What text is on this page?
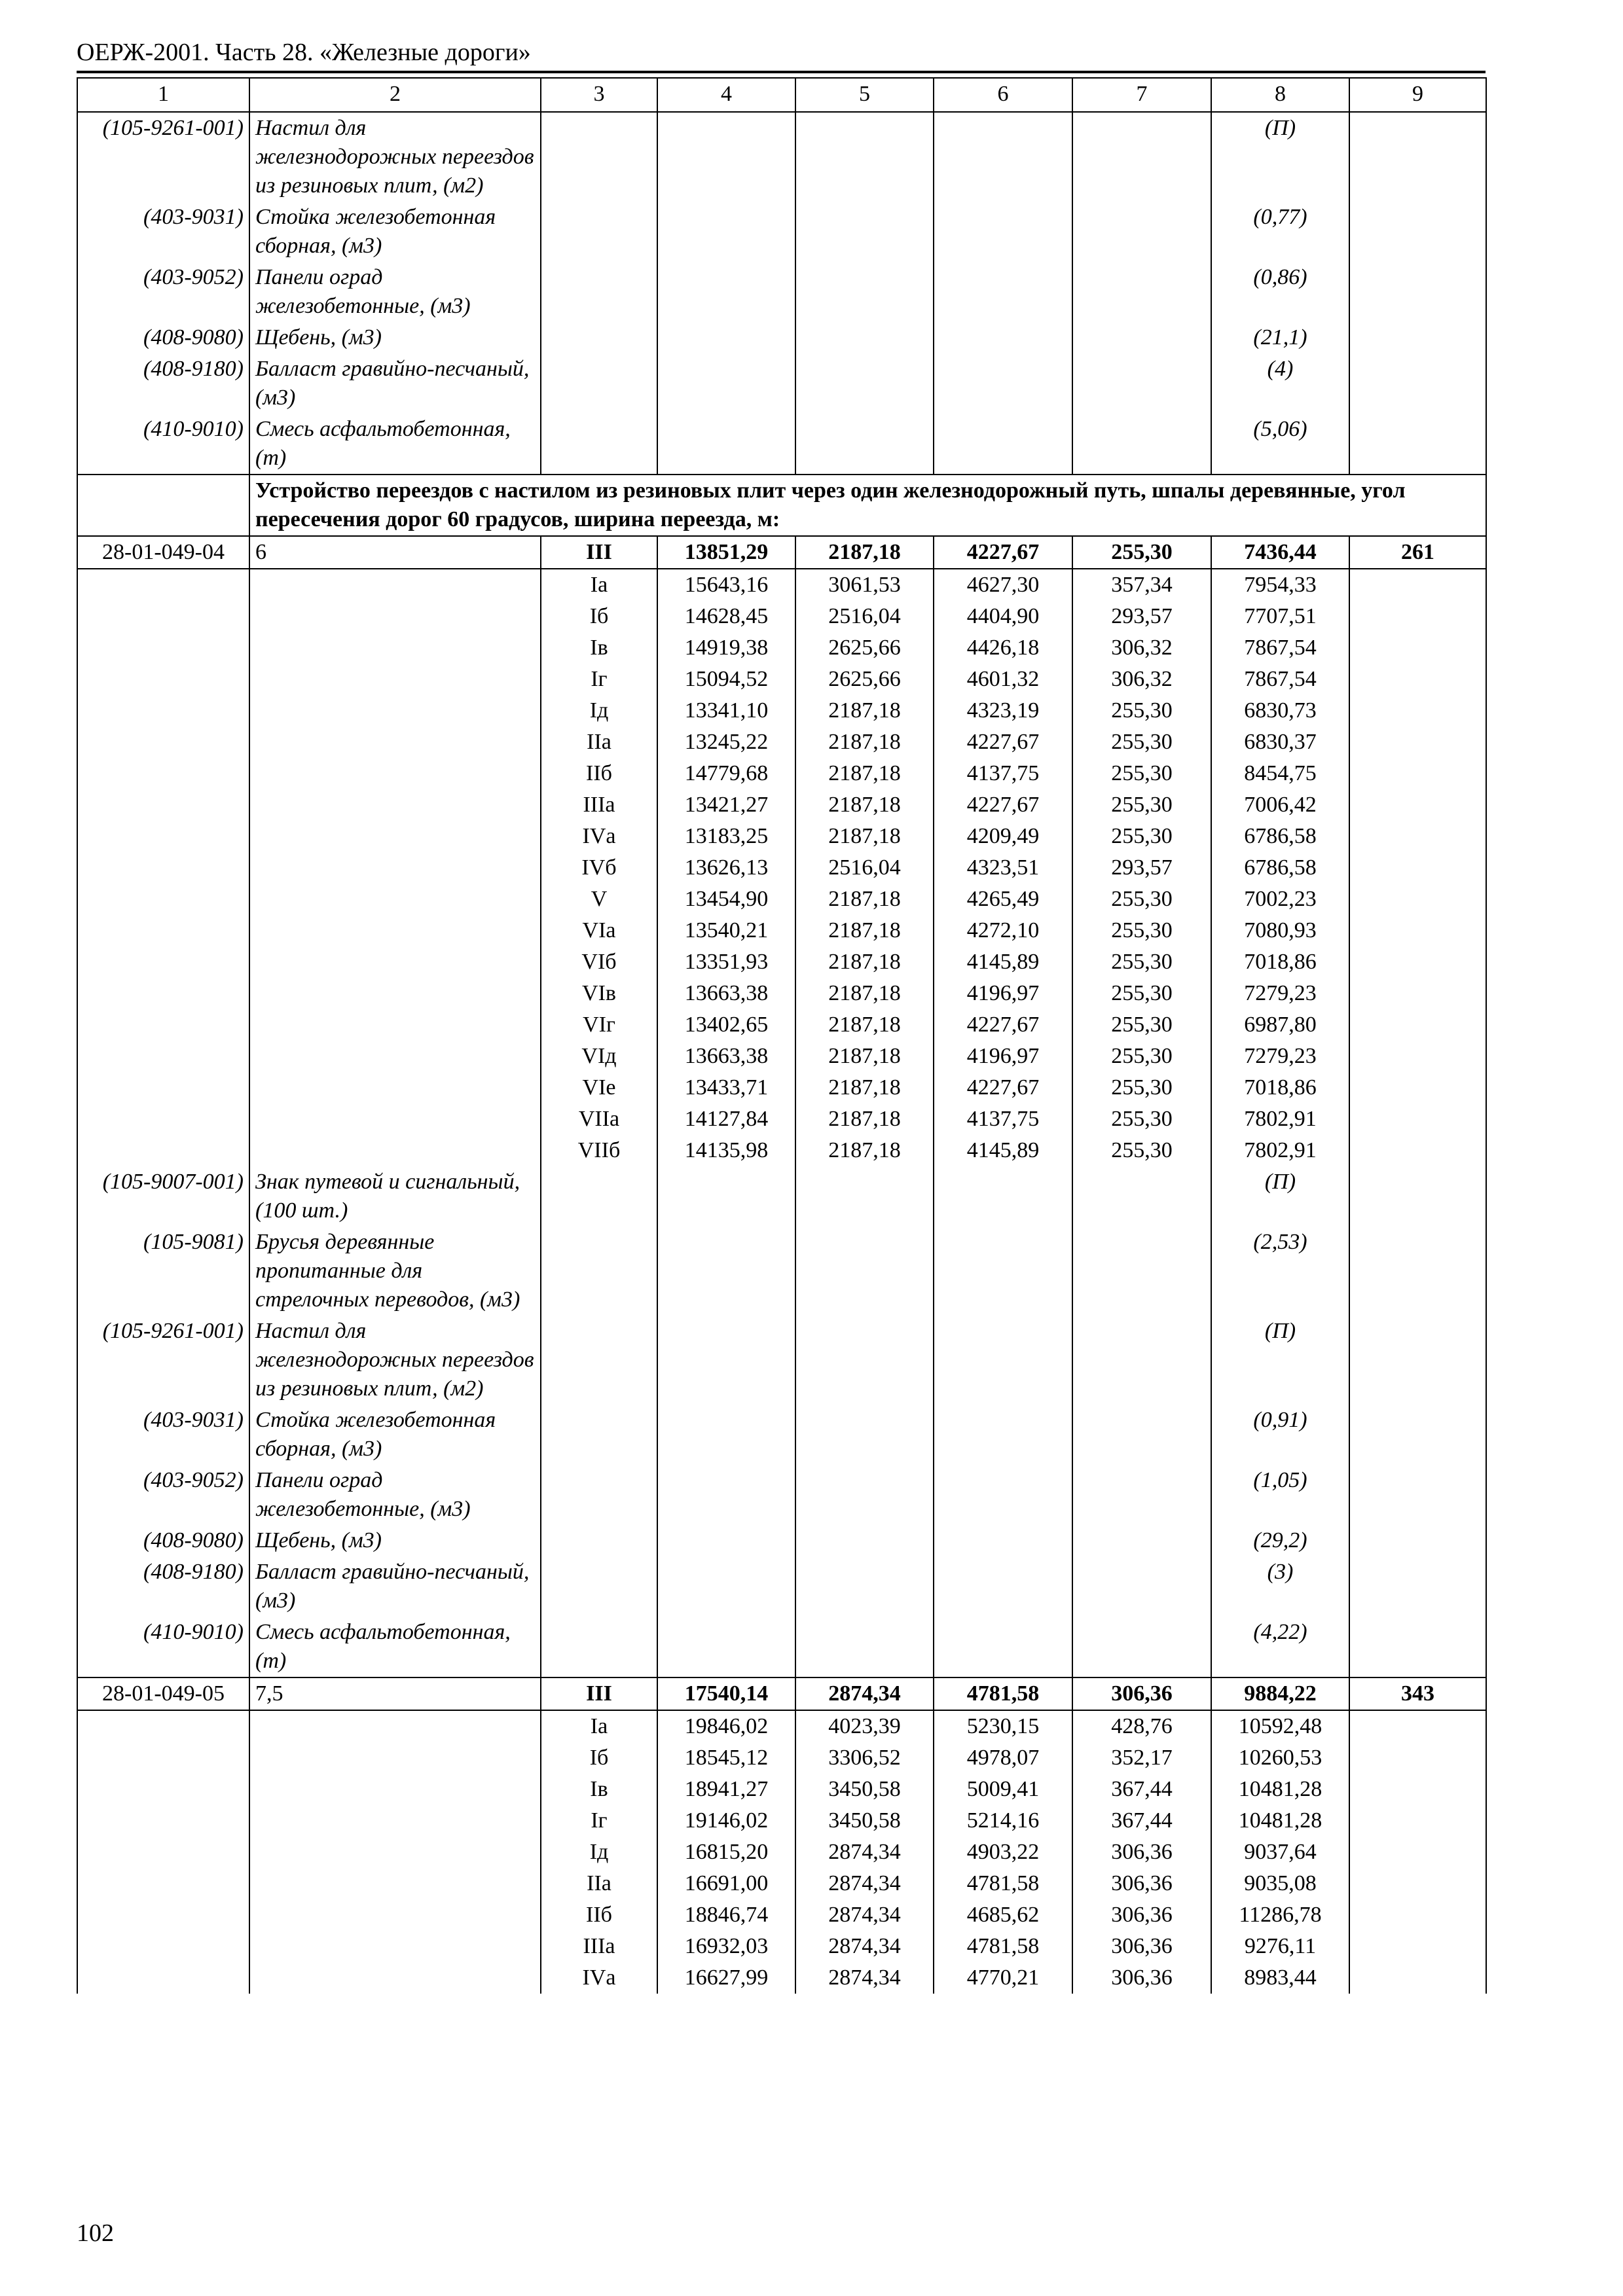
ОЕРЖ-2001. Часть 28. «Железные дороги»
1	2	3	4	5	6	7	8	9
(105-9261-001)	Настил для железнодорожных переездов из резиновых плит, (м2)						(П)	
(403-9031)	Стойка железобетонная сборная, (м3)						(0,77)	
(403-9052)	Панели оград железобетонные, (м3)						(0,86)	
(408-9080)	Щебень, (м3)						(21,1)	
(408-9180)	Балласт гравийно-песчаный, (м3)						(4)	
(410-9010)	Смесь асфальтобетонная, (т)						(5,06)	
	Устройство переездов с настилом из резиновых плит через один железнодорожный путь, шпалы деревянные, угол пересечения дорог 60 градусов, ширина переезда, м:							
28-01-049-04	6	III	13851,29	2187,18	4227,67	255,30	7436,44	261
		Iа	15643,16	3061,53	4627,30	357,34	7954,33	
		Iб	14628,45	2516,04	4404,90	293,57	7707,51	
		Iв	14919,38	2625,66	4426,18	306,32	7867,54	
		Iг	15094,52	2625,66	4601,32	306,32	7867,54	
		Iд	13341,10	2187,18	4323,19	255,30	6830,73	
		IIа	13245,22	2187,18	4227,67	255,30	6830,37	
		IIб	14779,68	2187,18	4137,75	255,30	8454,75	
		IIIа	13421,27	2187,18	4227,67	255,30	7006,42	
		IVа	13183,25	2187,18	4209,49	255,30	6786,58	
		IVб	13626,13	2516,04	4323,51	293,57	6786,58	
		V	13454,90	2187,18	4265,49	255,30	7002,23	
		VIа	13540,21	2187,18	4272,10	255,30	7080,93	
		VIб	13351,93	2187,18	4145,89	255,30	7018,86	
		VIв	13663,38	2187,18	4196,97	255,30	7279,23	
		VIг	13402,65	2187,18	4227,67	255,30	6987,80	
		VIд	13663,38	2187,18	4196,97	255,30	7279,23	
		VIе	13433,71	2187,18	4227,67	255,30	7018,86	
		VIIа	14127,84	2187,18	4137,75	255,30	7802,91	
		VIIб	14135,98	2187,18	4145,89	255,30	7802,91	
(105-9007-001)	Знак путевой и сигнальный, (100 шт.)						(П)	
(105-9081)	Брусья деревянные пропитанные для стрелочных переводов, (м3)						(2,53)	
(105-9261-001)	Настил для железнодорожных переездов из резиновых плит, (м2)						(П)	
(403-9031)	Стойка железобетонная сборная, (м3)						(0,91)	
(403-9052)	Панели оград железобетонные, (м3)						(1,05)	
(408-9080)	Щебень, (м3)						(29,2)	
(408-9180)	Балласт гравийно-песчаный, (м3)						(3)	
(410-9010)	Смесь асфальтобетонная, (т)						(4,22)	
28-01-049-05	7,5	III	17540,14	2874,34	4781,58	306,36	9884,22	343
		Iа	19846,02	4023,39	5230,15	428,76	10592,48	
		Iб	18545,12	3306,52	4978,07	352,17	10260,53	
		Iв	18941,27	3450,58	5009,41	367,44	10481,28	
		Iг	19146,02	3450,58	5214,16	367,44	10481,28	
		Iд	16815,20	2874,34	4903,22	306,36	9037,64	
		IIа	16691,00	2874,34	4781,58	306,36	9035,08	
		IIб	18846,74	2874,34	4685,62	306,36	11286,78	
		IIIа	16932,03	2874,34	4781,58	306,36	9276,11	
		IVа	16627,99	2874,34	4770,21	306,36	8983,44	
102
